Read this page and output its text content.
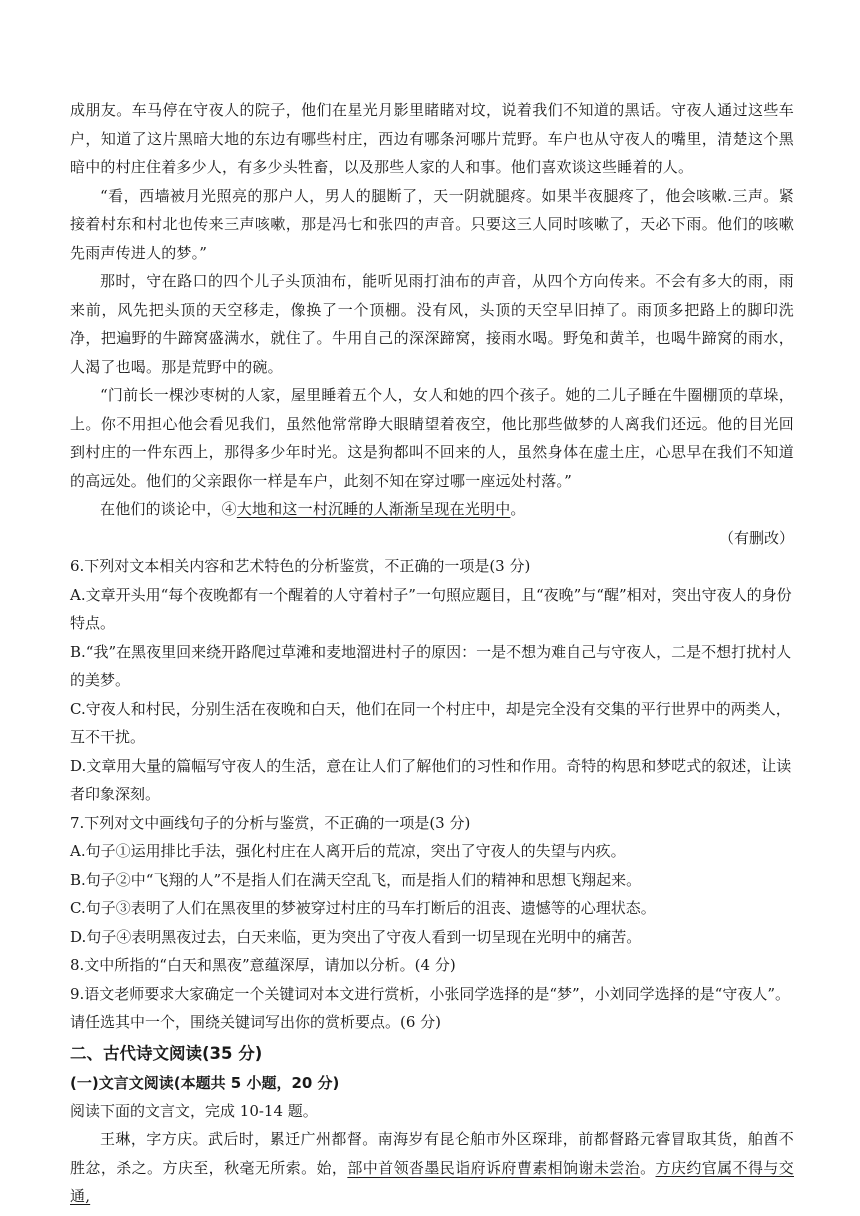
成朋友。车马停在守夜人的院子，他们在星光月影里睹睹对坟，说着我们不知道的黑话。守夜人通过这些车户，知道了这片黑暗大地的东边有哪些村庄，西边有哪条河哪片荒野。车户也从守夜人的嘴里，清楚这个黑暗中的村庄住着多少人，有多少头牲畜，以及那些人家的人和事。他们喜欢谈这些睡着的人。

“看，西墙被月光照亮的那户人，男人的腿断了，天一阴就腿疼。如果半夜腿疼了，他会咳嗽.三声。紧接着村东和村北也传来三声咳嗽，那是冯七和张四的声音。只要这三人同时咳嗽了，天必下雨。他们的咳嗽先雨声传进人的梦。”

那时，守在路口的四个儿子头顶油布，能听见雨打油布的声音，从四个方向传来。不会有多大的雨，雨来前，风先把头顶的天空移走，像换了一个顶棚。没有风，头顶的天空早旧掉了。雨顶多把路上的脚印洗净，把遍野的牛蹄窝盛满水，就住了。牛用自己的深深蹄窝，接雨水喝。野兔和黄羊，也喝牛蹄窝的雨水，人渴了也喝。那是荒野中的碗。

“门前长一棵沙枣树的人家，屋里睡着五个人，女人和她的四个孩子。她的二儿子睡在牛圈棚顶的草垛，上。你不用担心他会看见我们，虽然他常常睁大眼睛望着夜空，他比那些做梦的人离我们还远。他的目光回到村庄的一件东西上，那得多少年时光。这是狗都叫不回来的人，虽然身体在虚土庄，心思早在我们不知道的高远处。他们的父亲跟你一样是车户，此刻不知在穿过哪一座远处村落。”

在他们的谈论中，④大地和这一村沉睡的人渐渐呈现在光明中。

（有删改）

6.下列对文本相关内容和艺术特色的分析鉴赏，不正确的一项是(3 分)

A.文章开头用“每个夜晚都有一个醒着的人守着村子”一句照应题目，且“夜晚”与“醒”相对，突出守夜人的身份特点。

B.“我”在黑夜里回来绕开路爬过草滩和麦地溜进村子的原因：一是不想为难自己与守夜人，二是不想打扰村人的美梦。

C.守夜人和村民，分别生活在夜晚和白天，他们在同一个村庄中，却是完全没有交集的平行世界中的两类人，互不干扰。

D.文章用大量的篇幅写守夜人的生活，意在让人们了解他们的习性和作用。奇特的构思和梦呓式的叙述，让读者印象深刻。

7.下列对文中画线句子的分析与鉴赏，不正确的一项是(3 分)

A.句子①运用排比手法，强化村庄在人离开后的荒凉，突出了守夜人的失望与内疚。

B.句子②中“飞翔的人”不是指人们在满天空乱飞，而是指人们的精神和思想飞翔起来。

C.句子③表明了人们在黑夜里的梦被穿过村庄的马车打断后的沮丧、遗憾等的心理状态。

D.句子④表明黑夜过去，白天来临，更为突出了守夜人看到一切呈现在光明中的痛苦。

8.文中所指的“白天和黑夜”意蕴深厚，请加以分析。(4 分)

9.语文老师要求大家确定一个关键词对本文进行赏析，小张同学选择的是“梦”，小刘同学选择的是“守夜人”。请任选其中一个，围绕关键词写出你的赏析要点。(6 分)

二、古代诗文阅读(35 分)

(一)文言文阅读(本题共 5 小题，20 分)

阅读下面的文言文，完成 10-14 题。

王琳，字方庆。武后时，累迁广州都督。南海岁有昆仑舶市外区琛琲，前都督路元睿冒取其货，舶酋不胜忿，杀之。方庆至，秋毫无所索。始，部中首领沓墨民诣府诉府曹素相饷谢未尝治。方庆约官属不得与交通,
